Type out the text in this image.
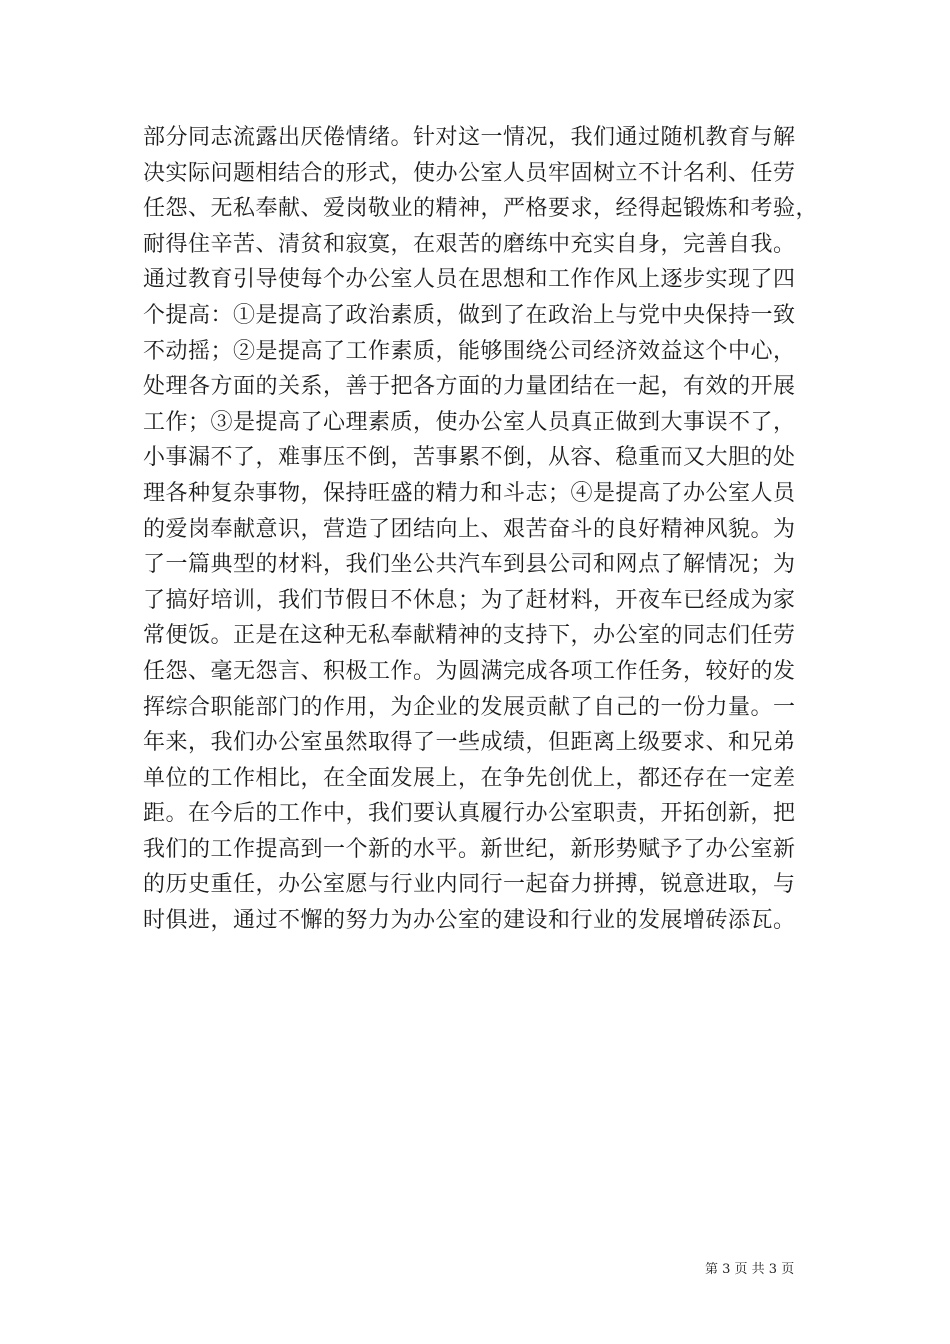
部分同志流露出厌倦情绪。针对这一情况，我们通过随机教育与解
决实际问题相结合的形式，使办公室人员牢固树立不计名利、任劳
任怨、无私奉献、爱岗敬业的精神，严格要求，经得起锻炼和考验，
耐得住辛苦、清贫和寂寞，在艰苦的磨练中充实自身，完善自我。
通过教育引导使每个办公室人员在思想和工作作风上逐步实现了四
个提高：①是提高了政治素质，做到了在政治上与党中央保持一致
不动摇；②是提高了工作素质，能够围绕公司经济效益这个中心，
处理各方面的关系，善于把各方面的力量团结在一起，有效的开展
工作；③是提高了心理素质，使办公室人员真正做到大事误不了，
小事漏不了，难事压不倒，苦事累不倒，从容、稳重而又大胆的处
理各种复杂事物，保持旺盛的精力和斗志；④是提高了办公室人员
的爱岗奉献意识，营造了团结向上、艰苦奋斗的良好精神风貌。为
了一篇典型的材料，我们坐公共汽车到县公司和网点了解情况；为
了搞好培训，我们节假日不休息；为了赶材料，开夜车已经成为家
常便饭。正是在这种无私奉献精神的支持下，办公室的同志们任劳
任怨、毫无怨言、积极工作。为圆满完成各项工作任务，较好的发
挥综合职能部门的作用，为企业的发展贡献了自己的一份力量。一
年来，我们办公室虽然取得了一些成绩，但距离上级要求、和兄弟
单位的工作相比，在全面发展上，在争先创优上，都还存在一定差
距。在今后的工作中，我们要认真履行办公室职责，开拓创新，把
我们的工作提高到一个新的水平。新世纪，新形势赋予了办公室新
的历史重任，办公室愿与行业内同行一起奋力拼搏，锐意进取，与
时俱进，通过不懈的努力为办公室的建设和行业的发展增砖添瓦。
第 3 页 共 3 页
